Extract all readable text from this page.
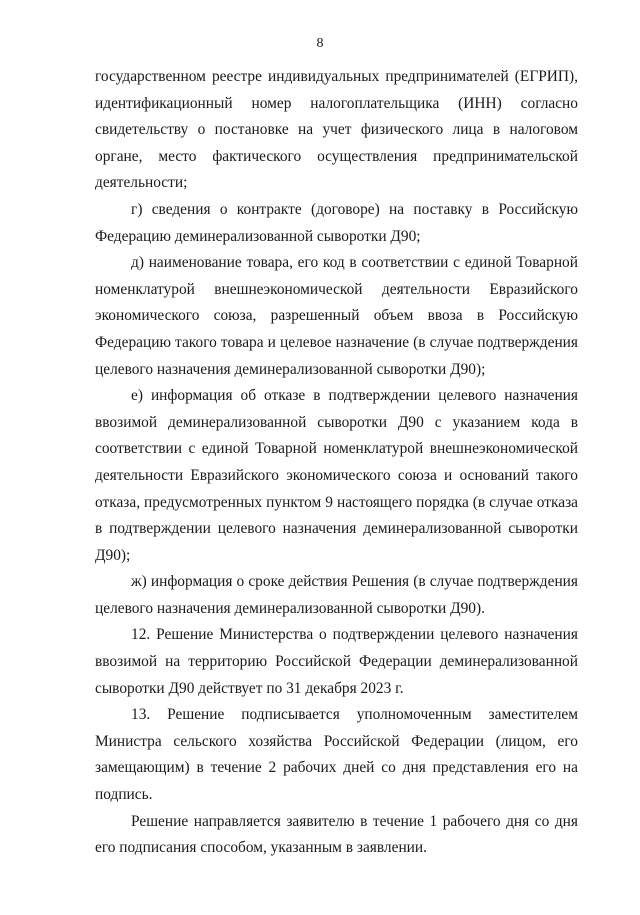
8

государственном реестре индивидуальных предпринимателей (ЕГРИП), идентификационный номер налогоплательщика (ИНН) согласно свидетельству о постановке на учет физического лица в налоговом органе, место фактического осуществления предпринимательской деятельности;

г) сведения о контракте (договоре) на поставку в Российскую Федерацию деминерализованной сыворотки Д90;

д) наименование товара, его код в соответствии с единой Товарной номенклатурой внешнеэкономической деятельности Евразийского экономического союза, разрешенный объем ввоза в Российскую Федерацию такого товара и целевое назначение (в случае подтверждения целевого назначения деминерализованной сыворотки Д90);

е) информация об отказе в подтверждении целевого назначения ввозимой деминерализованной сыворотки Д90 с указанием кода в соответствии с единой Товарной номенклатурой внешнеэкономической деятельности Евразийского экономического союза и оснований такого отказа, предусмотренных пунктом 9 настоящего порядка (в случае отказа в подтверждении целевого назначения деминерализованной сыворотки Д90);

ж) информация о сроке действия Решения (в случае подтверждения целевого назначения деминерализованной сыворотки Д90).

12. Решение Министерства о подтверждении целевого назначения ввозимой на территорию Российской Федерации деминерализованной сыворотки Д90 действует по 31 декабря 2023 г.

13. Решение подписывается уполномоченным заместителем Министра сельского хозяйства Российской Федерации (лицом, его замещающим) в течение 2 рабочих дней со дня представления его на подпись.

Решение направляется заявителю в течение 1 рабочего дня со дня его подписания способом, указанным в заявлении.
